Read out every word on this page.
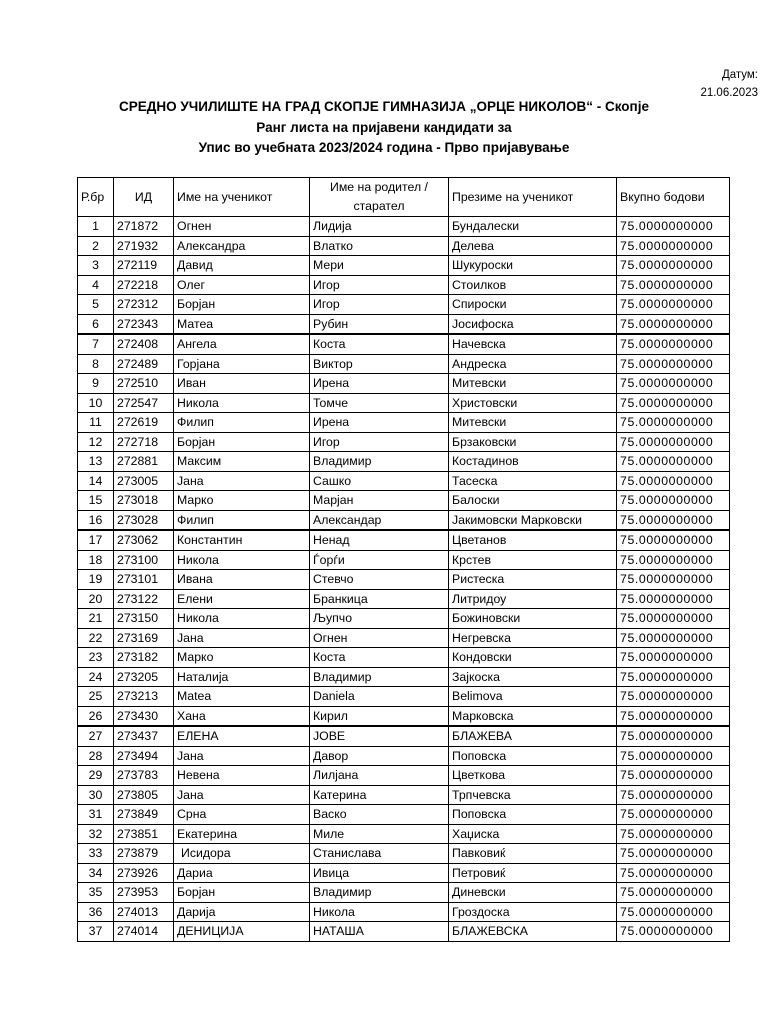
Датум:
21.06.2023
СРЕДНО УЧИЛИШТЕ НА ГРАД СКОПЈЕ ГИМНАЗИЈА „ОРЦЕ НИКОЛОВ“ - Скопје
Ранг листа на пријавени кандидати за
Упис во учебната 2023/2024 година - Прво пријавување
Р.бр	ИД	Име на ученикот	Име на родител /старател	Презиме на ученикот	Вкупно бодови
1	271872	Огнен	Лидија	Бундалески	75.0000000000
2	271932	Александра	Влатко	Делева	75.0000000000
3	272119	Давид	Мери	Шукуроски	75.0000000000
4	272218	Олег	Игор	Стоилков	75.0000000000
5	272312	Борјан	Игор	Спироски	75.0000000000
6	272343	Матеа	Рубин	Јосифоска	75.0000000000
7	272408	Ангела	Коста	Начевска	75.0000000000
8	272489	Горјана	Виктор	Андреска	75.0000000000
9	272510	Иван	Ирена	Митевски	75.0000000000
10	272547	Никола	Томче	Христовски	75.0000000000
11	272619	Филип	Ирена	Митевски	75.0000000000
12	272718	Борјан	Игор	Брзаковски	75.0000000000
13	272881	Максим	Владимир	Костадинов	75.0000000000
14	273005	Јана	Сашко	Тасеска	75.0000000000
15	273018	Марко	Марјан	Балоски	75.0000000000
16	273028	Филип	Александар	Јакимовски Марковски	75.0000000000
17	273062	Константин	Ненад	Цветанов	75.0000000000
18	273100	Никола	Ѓорѓи	Крстев	75.0000000000
19	273101	Ивана	Стевчо	Ристеска	75.0000000000
20	273122	Елени	Бранкица	Литридоу	75.0000000000
21	273150	Никола	Љупчо	Божиновски	75.0000000000
22	273169	Јана	Огнен	Негревска	75.0000000000
23	273182	Марко	Коста	Кондовски	75.0000000000
24	273205	Наталија	Владимир	Зајкоска	75.0000000000
25	273213	Matea	Daniela	Belimova	75.0000000000
26	273430	Хана	Кирил	Марковска	75.0000000000
27	273437	ЕЛЕНА	ЈОВЕ	БЛАЖЕВА	75.0000000000
28	273494	Јана	Давор	Поповска	75.0000000000
29	273783	Невена	Лилјана	Цветкова	75.0000000000
30	273805	Јана	Катерина	Трпчевска	75.0000000000
31	273849	Срна	Васко	Поповска	75.0000000000
32	273851	Екатерина	Миле	Хаџиска	75.0000000000
33	273879	Исидора	Станислава	Павковиќ	75.0000000000
34	273926	Дариа	Ивица	Петровиќ	75.0000000000
35	273953	Борјан	Владимир	Диневски	75.0000000000
36	274013	Дарија	Никола	Гроздоска	75.0000000000
37	274014	ДЕНИЦИЈА	НАТАША	БЛАЖЕВСКА	75.0000000000
